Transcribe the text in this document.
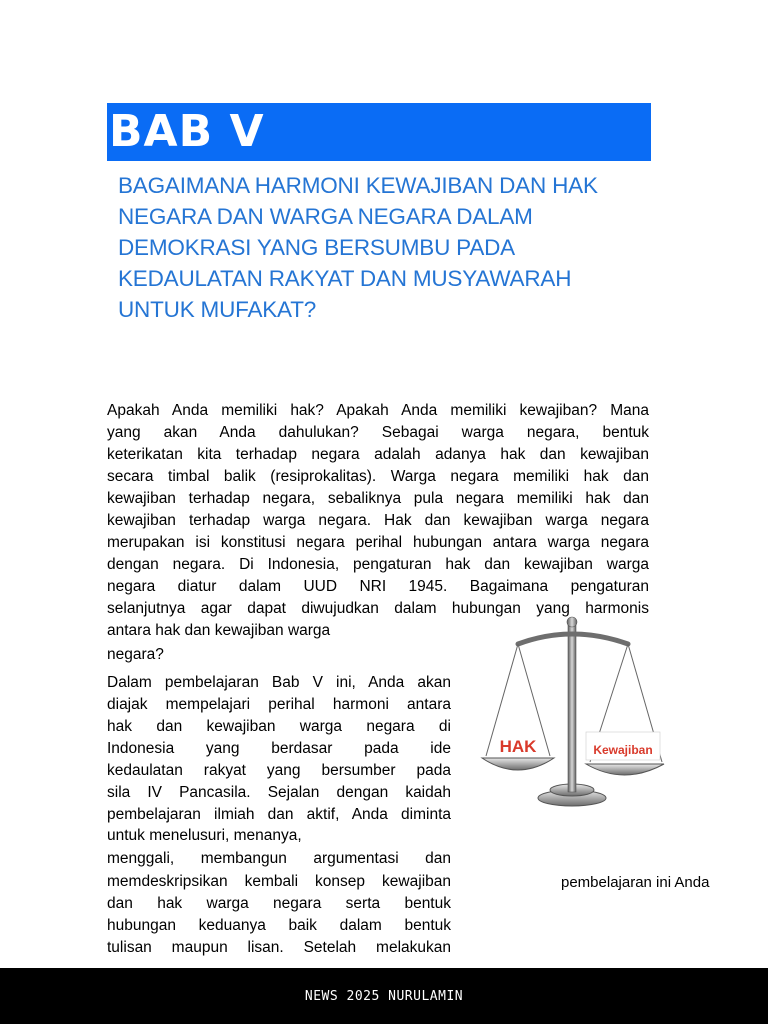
BAB V
BAGAIMANA HARMONI KEWAJIBAN DAN HAK
NEGARA DAN WARGA NEGARA DALAM
DEMOKRASI YANG BERSUMBU PADA
KEDAULATAN RAKYAT DAN MUSYAWARAH
UNTUK MUFAKAT?
Apakah Anda memiliki hak? Apakah Anda memiliki kewajiban? Mana
yang akan Anda dahulukan? Sebagai warga negara, bentuk
keterikatan kita terhadap negara adalah adanya hak dan kewajiban
secara timbal balik (resiprokalitas). Warga negara memiliki hak dan
kewajiban terhadap negara, sebaliknya pula negara memiliki hak dan
kewajiban terhadap warga negara. Hak dan kewajiban warga negara
merupakan isi konstitusi negara perihal hubungan antara warga negara
dengan negara. Di Indonesia, pengaturan hak dan kewajiban warga
negara diatur dalam UUD NRI 1945. Bagaimana pengaturan
selanjutnya agar dapat diwujudkan dalam hubungan yang harmonis
antara hak dan kewajiban warga
negara?
Dalam pembelajaran Bab V ini, Anda akan
diajak mempelajari perihal harmoni antara
hak dan kewajiban warga negara di
Indonesia yang berdasar pada ide
kedaulatan rakyat yang bersumber pada
sila IV Pancasila. Sejalan dengan kaidah
pembelajaran ilmiah dan aktif, Anda diminta
untuk menelusuri, menanya,
menggali, membangun argumentasi dan
memdeskripsikan kembali konsep kewajiban
dan hak warga negara serta bentuk
hubungan keduanya baik dalam bentuk
tulisan maupun lisan. Setelah melakukan
pembelajaran ini Anda
HAK	Kewajiban
NEWS 2025 NURULAMIN
